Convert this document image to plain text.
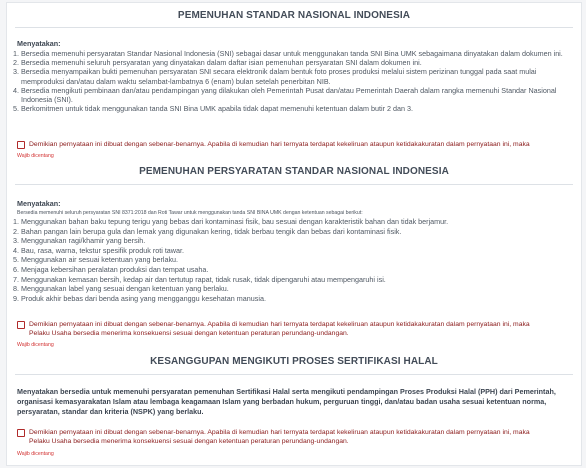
PEMENUHAN STANDAR NASIONAL INDONESIA
Menyatakan:
1. Bersedia memenuhi persyaratan Standar Nasional Indonesia (SNI) sebagai dasar untuk menggunakan tanda SNI Bina UMK sebagaimana dinyatakan dalam dokumen ini.
2. Bersedia memenuhi seluruh persyaratan yang dinyatakan dalam daftar isian pemenuhan persyaratan SNI dalam dokumen ini.
3. Bersedia menyampaikan bukti pemenuhan persyaratan SNI secara elektronik dalam bentuk foto proses produksi melalui sistem perizinan tunggal pada saat mulai memproduksi dan/atau dalam waktu selambat-lambatnya 6 (enam) bulan setelah penerbitan NIB.
4. Bersedia mengikuti pembinaan dan/atau pendampingan yang dilakukan oleh Pemerintah Pusat dan/atau Pemerintah Daerah dalam rangka memenuhi Standar Nasional Indonesia (SNI).
5. Berkomitmen untuk tidak menggunakan tanda SNI Bina UMK apabila tidak dapat memenuhi ketentuan dalam butir 2 dan 3.
Demikian pernyataan ini dibuat dengan sebenar-benarnya. Apabila di kemudian hari ternyata terdapat kekeliruan ataupun ketidakakuratan dalam pernyataan ini, maka
Wajib dicentang
PEMENUHAN PERSYARATAN STANDAR NASIONAL INDONESIA
Menyatakan:
Bersedia memenuhi seluruh persyaratan SNI 8371:2018 dan Roti Tawar untuk menggunakan tanda SNI BINA UMK dengan ketentuan sebagai berikut:
1. Menggunakan bahan baku tepung terigu yang bebas dari kontaminasi fisik, bau sesuai dengan karakteristik bahan dan tidak berjamur.
2. Bahan pangan lain berupa gula dan lemak yang digunakan kering, tidak berbau tengik dan bebas dari kontaminasi fisik.
3. Menggunakan ragi/khamir yang bersih.
4. Bau, rasa, warna, tekstur spesifik produk roti tawar.
5. Menggunakan air sesuai ketentuan yang berlaku.
6. Menjaga kebersihan peralatan produksi dan tempat usaha.
7. Menggunakan kemasan bersih, kedap air dan tertutup rapat, tidak rusak, tidak dipengaruhi atau mempengaruhi isi.
8. Menggunakan label yang sesuai dengan ketentuan yang berlaku.
9. Produk akhir bebas dari benda asing yang mengganggu kesehatan manusia.
Demikian pernyataan ini dibuat dengan sebenar-benarnya. Apabila di kemudian hari ternyata terdapat kekeliruan ataupun ketidakakuratan dalam pernyataan ini, maka
Pelaku Usaha bersedia menerima konsekuensi sesuai dengan ketentuan peraturan perundang-undangan.
Wajib dicentang
KESANGGUPAN MENGIKUTI PROSES SERTIFIKASI HALAL
Menyatakan bersedia untuk memenuhi persyaratan pemenuhan Sertifikasi Halal serta mengikuti pendampingan Proses Produksi Halal (PPH) dari Pemerintah, organisasi kemasyarakatan Islam atau lembaga keagamaan Islam yang berbadan hukum, perguruan tinggi, dan/atau badan usaha sesuai ketentuan norma, persyaratan, standar dan kriteria (NSPK) yang berlaku.
Demikian pernyataan ini dibuat dengan sebenar-benarnya. Apabila di kemudian hari ternyata terdapat kekeliruan ataupun ketidakakuratan dalam pernyataan ini, maka
Pelaku Usaha bersedia menerima konsekuensi sesuai dengan ketentuan peraturan perundang-undangan.
Wajib dicentang
